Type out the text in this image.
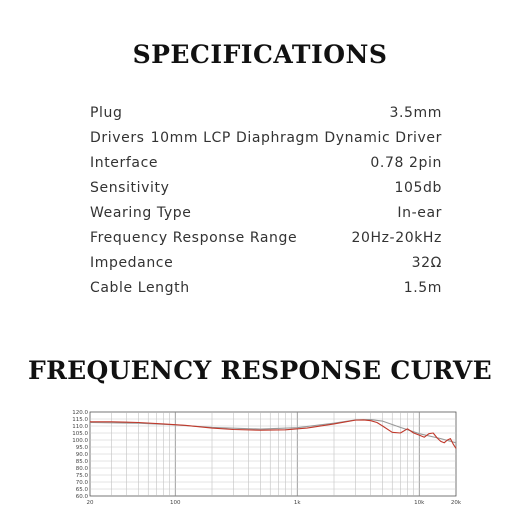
SPECIFICATIONS
Plug	3.5mm
Drivers 10mm LCP Diaphragm Dynamic Driver
Interface	0.78 2pin
Sensitivity	105db
Wearing Type	In-ear
Frequency Response Range	20Hz-20kHz
Impedance	32Ω
Cable Length	1.5m
FREQUENCY RESPONSE CURVE
120.0
115.0
110.0
105.0
100.0
95.0
90.0
85.0
80.0
75.0
70.0
65.0
60.0
20	100	1k	10k	20k
